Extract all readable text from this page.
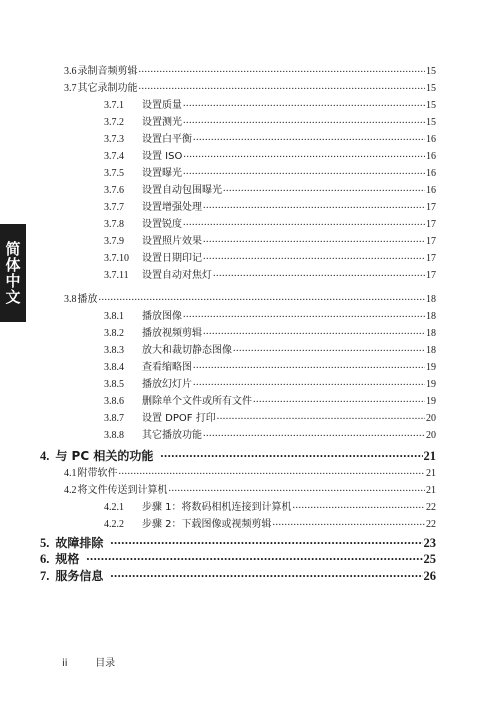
简体中文
3.6 录制音频剪辑 .....	15
3.7 其它录制功能 .....	15
3.7.1	设置质量 .....	15
3.7.2	设置测光 .....	15
3.7.3	设置白平衡 .....	16
3.7.4	设置 ISO .....	16
3.7.5	设置曝光 .....	16
3.7.6	设置自动包围曝光 .....	16
3.7.7	设置增强处理 .....	17
3.7.8	设置锐度 .....	17
3.7.9	设置照片效果 .....	17
3.7.10	设置日期印记 .....	17
3.7.11	设置自动对焦灯 .....	17
3.8 播放 .....	18
3.8.1	播放图像 .....	18
3.8.2	播放视频剪辑 .....	18
3.8.3	放大和裁切静态图像 .....	18
3.8.4	查看缩略图 .....	19
3.8.5	播放幻灯片 .....	19
3.8.6	删除单个文件或所有文件 .....	19
3.8.7	设置 DPOF 打印 .....	20
3.8.8	其它播放功能 .....	20
4. 与 PC 相关的功能 .....	21
4.1 附带软件 .....	21
4.2 将文件传送到计算机 .....	21
4.2.1	步骤 1：将数码相机连接到计算机 .....	22
4.2.2	步骤 2：下载图像或视频剪辑 .....	22
5. 故障排除 .....	23
6. 规格 .....	25
7. 服务信息 .....	26
ii	目录
